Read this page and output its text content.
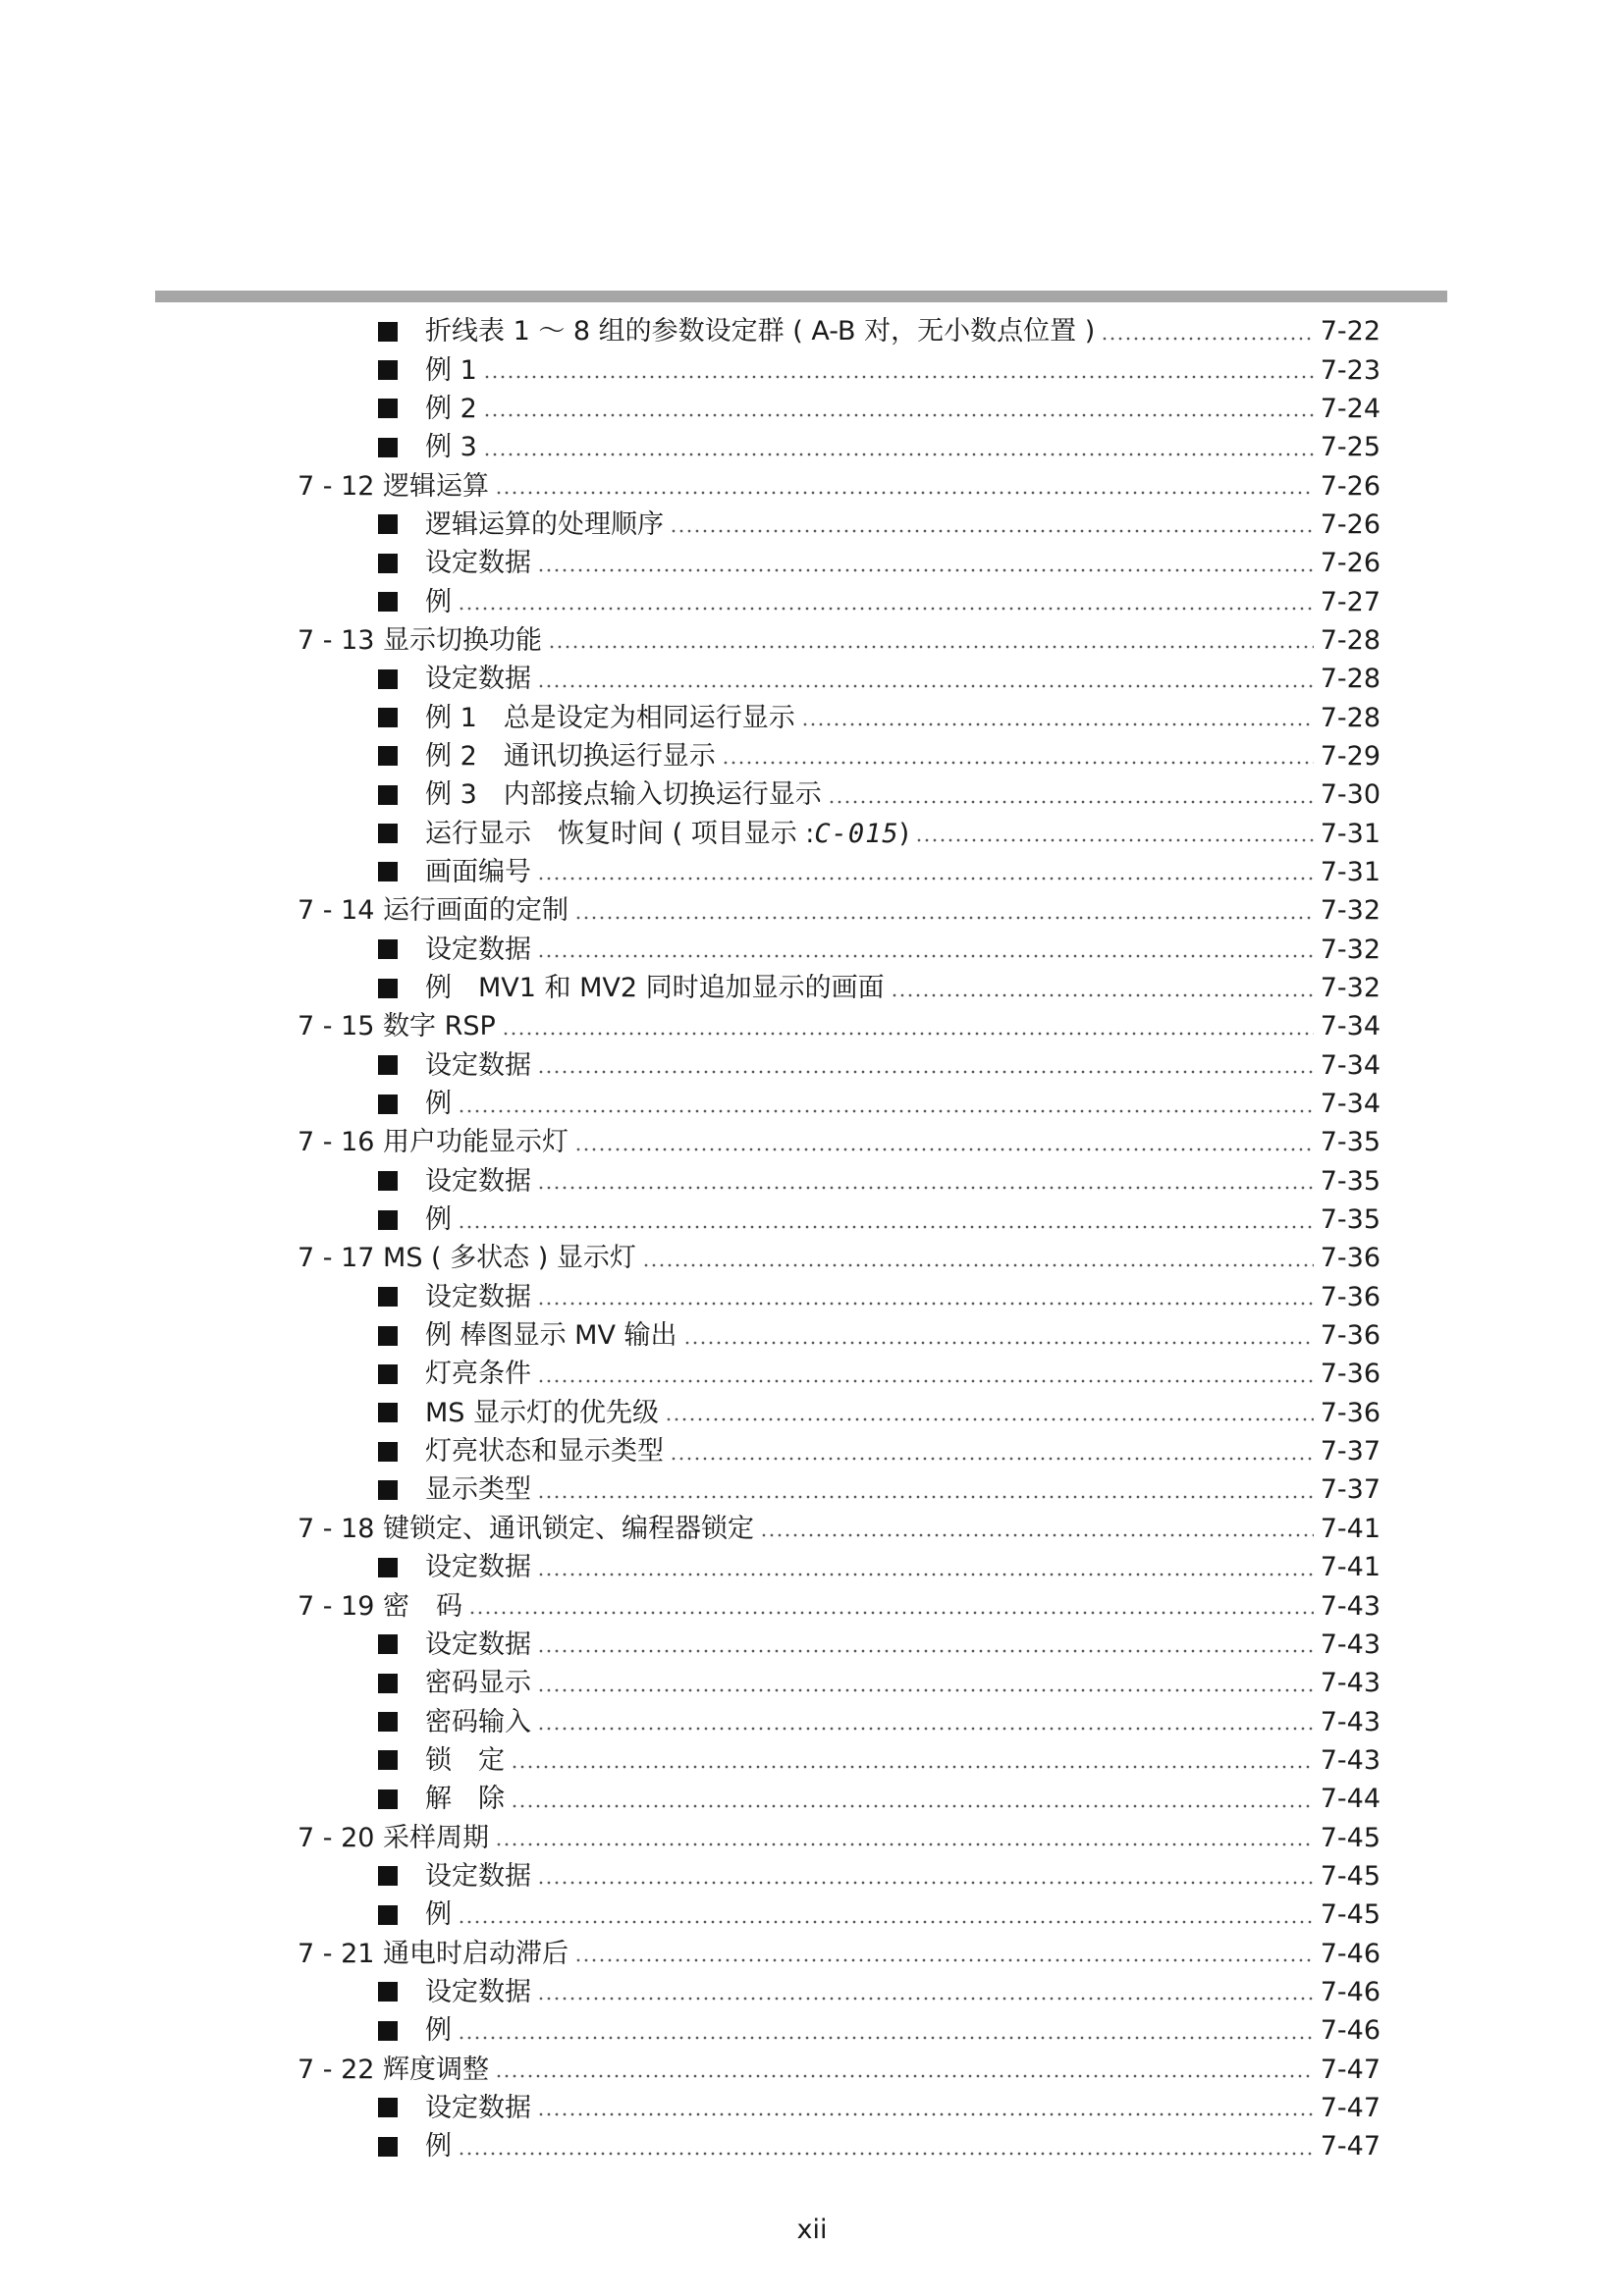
折线表 1 ～ 8 组的参数设定群 ( A-B 对，无小数点位置 )	7-22
例 1	7-23
例 2	7-24
例 3	7-25
7 - 12 逻辑运算	7-26
逻辑运算的处理顺序	7-26
设定数据	7-26
例	7-27
7 - 13 显示切换功能	7-28
设定数据	7-28
例 1　总是设定为相同运行显示	7-28
例 2　通讯切换运行显示	7-29
例 3　内部接点输入切换运行显示	7-30
运行显示　恢复时间 ( 项目显示 :C-015)	7-31
画面编号	7-31
7 - 14 运行画面的定制	7-32
设定数据	7-32
例　MV1 和 MV2 同时追加显示的画面	7-32
7 - 15 数字 RSP	7-34
设定数据	7-34
例	7-34
7 - 16 用户功能显示灯	7-35
设定数据	7-35
例	7-35
7 - 17 MS ( 多状态 ) 显示灯	7-36
设定数据	7-36
例 棒图显示 MV 输出	7-36
灯亮条件	7-36
MS 显示灯的优先级	7-36
灯亮状态和显示类型	7-37
显示类型	7-37
7 - 18 键锁定、通讯锁定、编程器锁定	7-41
设定数据	7-41
7 - 19 密　码	7-43
设定数据	7-43
密码显示	7-43
密码输入	7-43
锁　定	7-43
解　除	7-44
7 - 20 采样周期	7-45
设定数据	7-45
例	7-45
7 - 21 通电时启动滞后	7-46
设定数据	7-46
例	7-46
7 - 22 辉度调整	7-47
设定数据	7-47
例	7-47
xii
